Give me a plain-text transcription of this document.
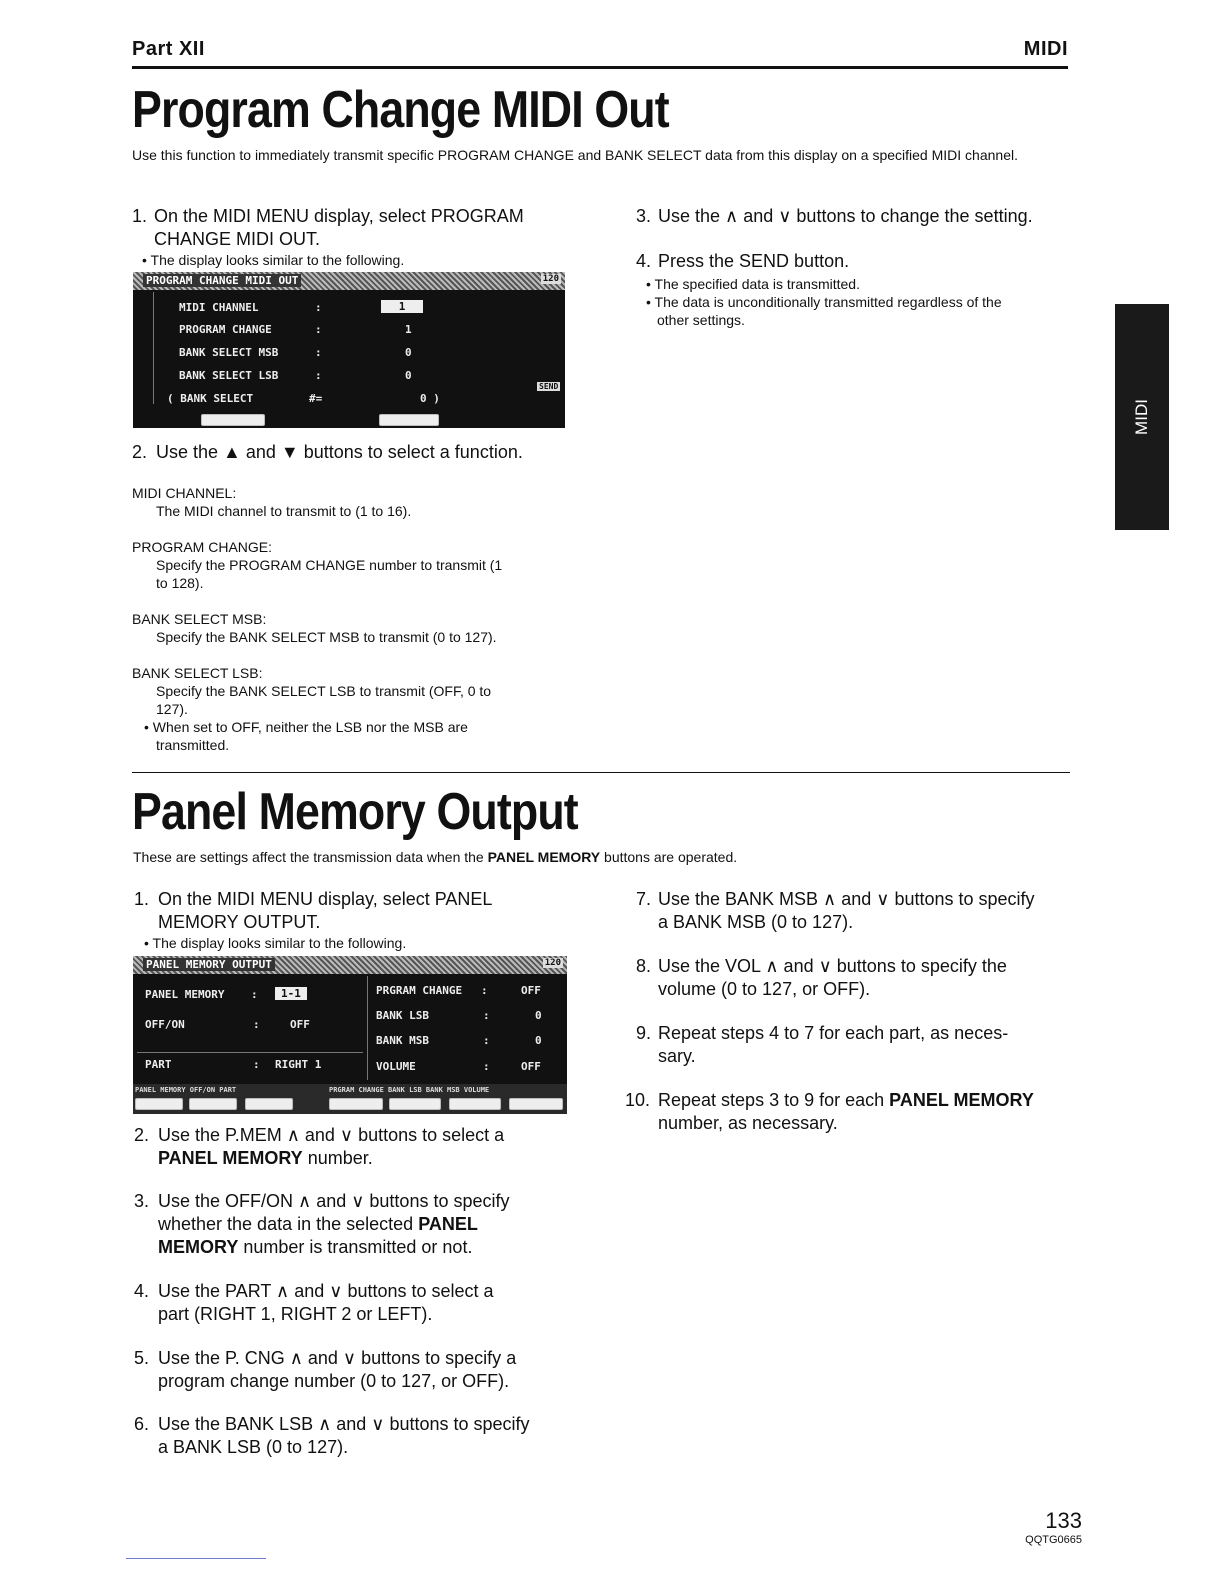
Part XII	MIDI
Program Change MIDI Out
Use this function to immediately transmit specific PROGRAM CHANGE and BANK SELECT data from this display on a specified MIDI channel.
1. On the MIDI MENU display, select PROGRAM
CHANGE MIDI OUT.
• The display looks similar to the following.
PROGRAM CHANGE MIDI OUT	120
MIDI CHANNEL	:	1
PROGRAM CHANGE	:	1
BANK SELECT MSB	:	0
BANK SELECT LSB	:	0
( BANK SELECT	#=	0 )
SEND
2. Use the ▲ and ▼ buttons to select a function.
MIDI CHANNEL:
The MIDI channel to transmit to (1 to 16).
PROGRAM CHANGE:
Specify the PROGRAM CHANGE number to transmit (1
to 128).
BANK SELECT MSB:
Specify the BANK SELECT MSB to transmit (0 to 127).
BANK SELECT LSB:
Specify the BANK SELECT LSB to transmit (OFF, 0 to
127).
• When set to OFF, neither the LSB nor the MSB are
transmitted.
3. Use the ∧ and ∨ buttons to change the setting.
4. Press the SEND button.
• The specified data is transmitted.
• The data is unconditionally transmitted regardless of the
other settings.
MIDI
Panel Memory Output
These are settings affect the transmission data when the PANEL MEMORY buttons are operated.
1. On the MIDI MENU display, select PANEL
MEMORY OUTPUT.
• The display looks similar to the following.
PANEL MEMORY OUTPUT	120
PANEL MEMORY :	1-1
OFF/ON	:	OFF
PART	: RIGHT 1
PRGRAM CHANGE :	OFF
BANK LSB	:	0
BANK MSB	:	0
VOLUME	:	OFF
PANEL MEMORY OFF/ON PART	PRGRAM CHANGE BANK LSB BANK MSB VOLUME
2. Use the P.MEM ∧ and ∨ buttons to select a
PANEL MEMORY number.
3. Use the OFF/ON ∧ and ∨ buttons to specify
whether the data in the selected PANEL
MEMORY number is transmitted or not.
4. Use the PART ∧ and ∨ buttons to select a
part (RIGHT 1, RIGHT 2 or LEFT).
5. Use the P. CNG ∧ and ∨ buttons to specify a
program change number (0 to 127, or OFF).
6. Use the BANK LSB ∧ and ∨ buttons to specify
a BANK LSB (0 to 127).
7. Use the BANK MSB ∧ and ∨ buttons to specify
a BANK MSB (0 to 127).
8. Use the VOL ∧ and ∨ buttons to specify the
volume (0 to 127, or OFF).
9. Repeat steps 4 to 7 for each part, as neces-
sary.
10. Repeat steps 3 to 9 for each PANEL MEMORY
number, as necessary.
133
QQTG0665
